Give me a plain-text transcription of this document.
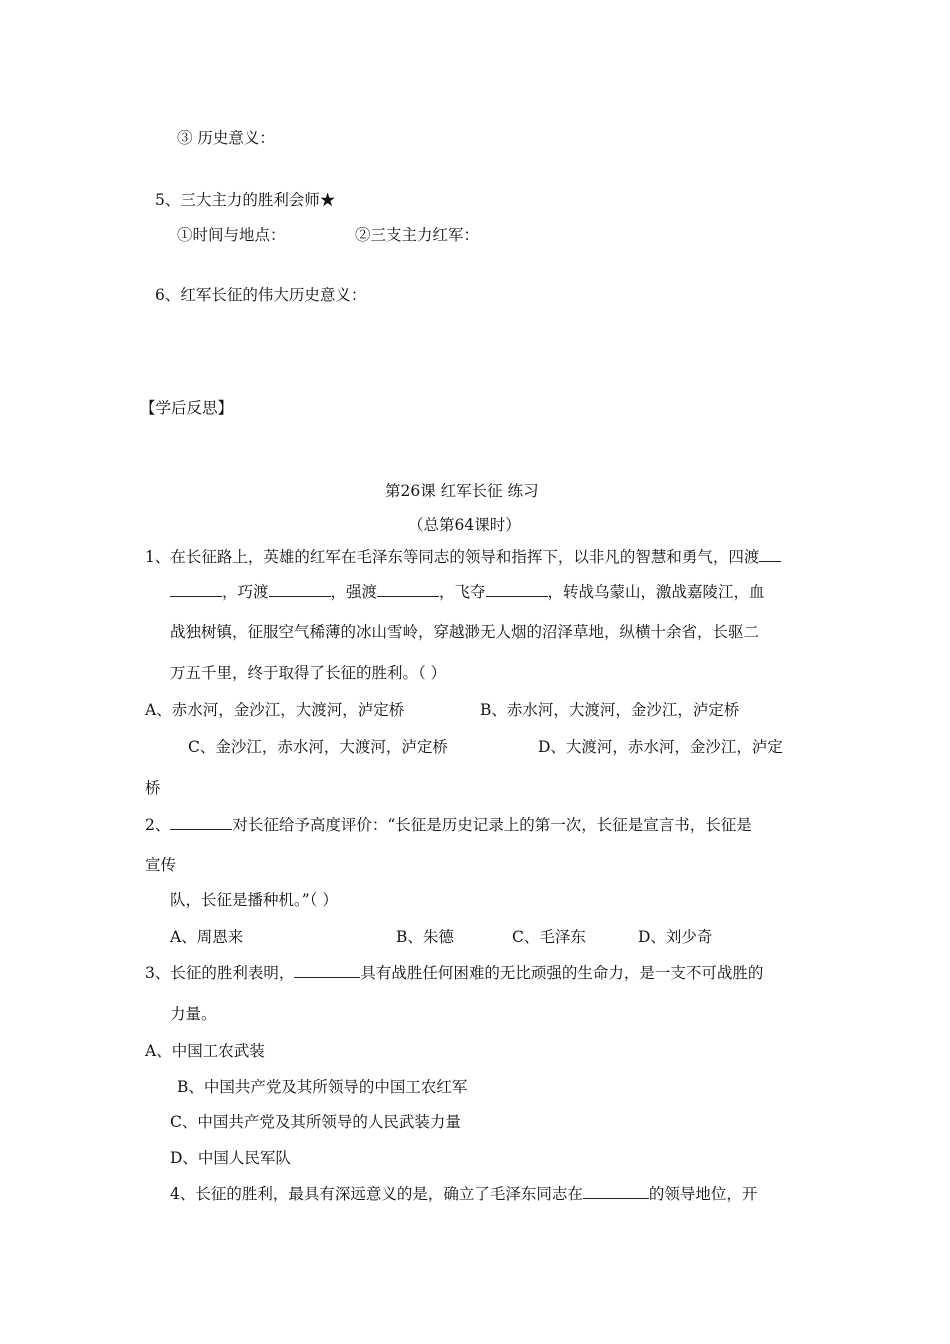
③ 历史意义：
5、三大主力的胜利会师★
①时间与地点：	②三支主力红军：
6、红军长征的伟大历史意义：
【学后反思】
第26课 红军长征 练习
（总第64课时）
1、在长征路上，英雄的红军在毛泽东等同志的领导和指挥下，以非凡的智慧和勇气，四渡
，巧渡	，强渡	，飞夺	，转战乌蒙山，激战嘉陵江，血
战独树镇，征服空气稀薄的冰山雪岭，穿越渺无人烟的沼泽草地，纵横十余省，长驱二
万五千里，终于取得了长征的胜利。（ ）
A、赤水河，金沙江，大渡河，泸定桥	B、赤水河，大渡河，金沙江，泸定桥
C、金沙江，赤水河，大渡河，泸定桥	D、大渡河，赤水河，金沙江，泸定
桥
2、	对长征给予高度评价：“长征是历史记录上的第一次，长征是宣言书，长征是
宣传
队，长征是播种机。”（ ）
A、周恩来	B、朱德	C、毛泽东	D、刘少奇
3、长征的胜利表明，	具有战胜任何困难的无比顽强的生命力，是一支不可战胜的
力量。
A、中国工农武装
B、中国共产党及其所领导的中国工农红军
C、中国共产党及其所领导的人民武装力量
D、中国人民军队
4、长征的胜利，最具有深远意义的是，确立了毛泽东同志在	的领导地位，开
